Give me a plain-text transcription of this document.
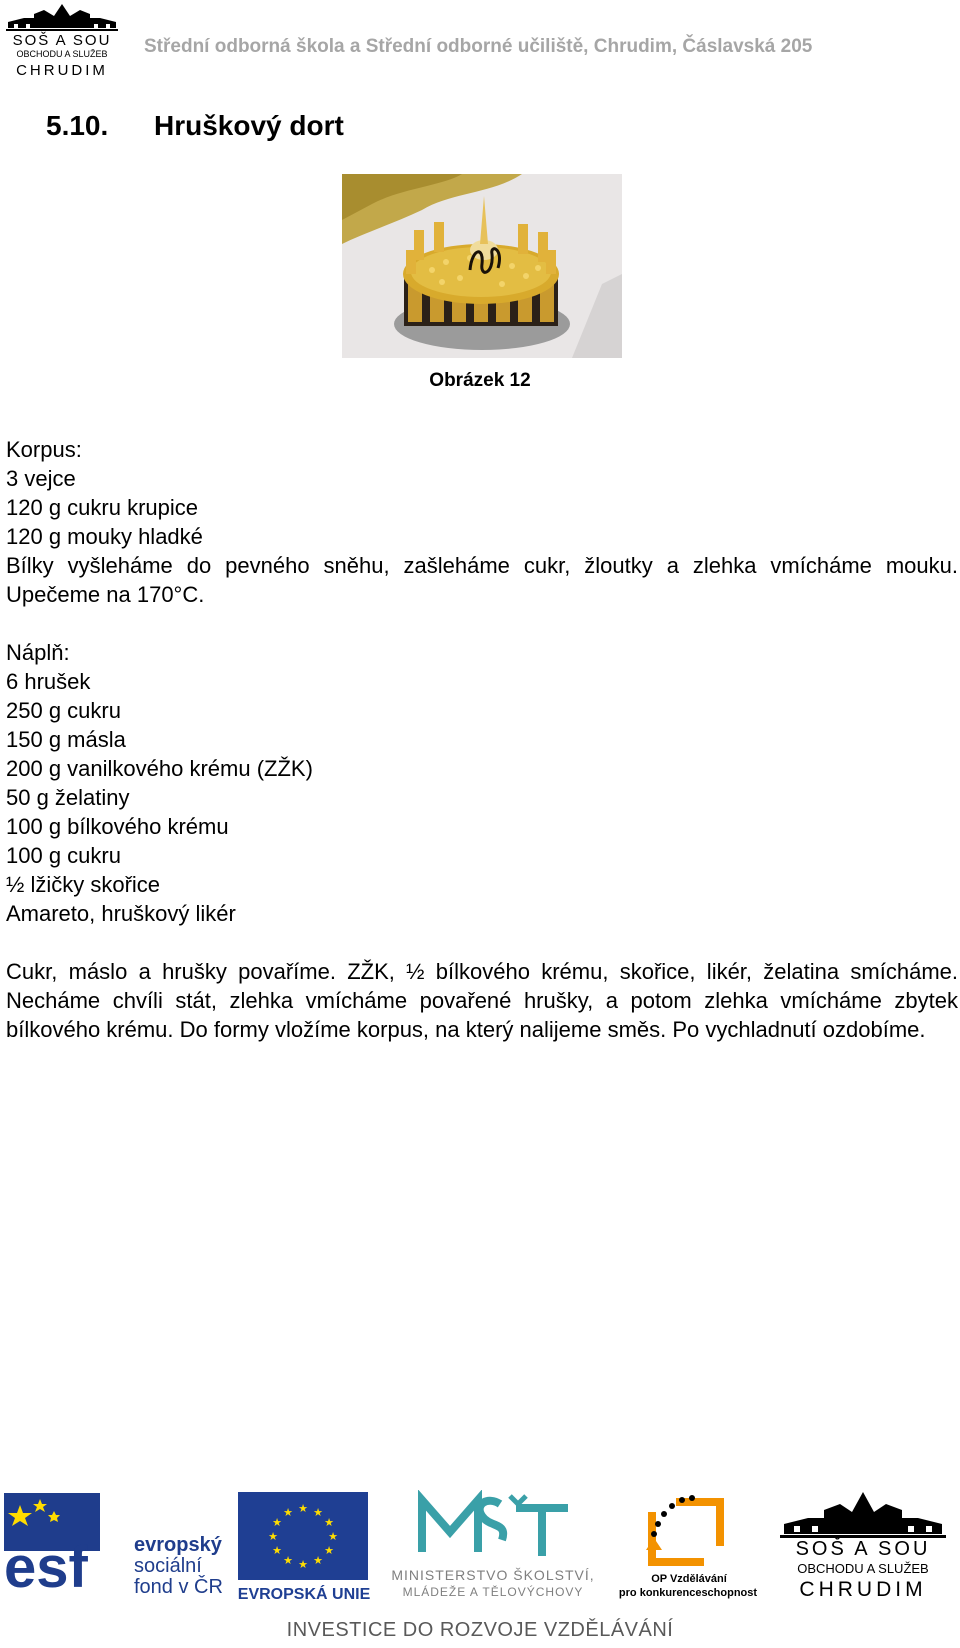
SOŠ A SOU
OBCHODU A SLUŽEB
CHRUDIM
Střední odborná škola a Střední odborné učiliště, Chrudim, Čáslavská 205
5.10. Hruškový dort
Obrázek 12

Korpus:

3 vejce

120 g cukru krupice

120 g mouky hladké

Bílky vyšleháme do pevného sněhu, zašleháme cukr, žloutky a zlehka vmícháme mouku. Upečeme na 170°C.

Náplň:

6 hrušek

250 g cukru

150 g másla

200 g vanilkového krému (ZŽK)

50 g želatiny

100 g bílkového krému

100 g cukru

½ lžičky skořice

Amareto, hruškový likér

Cukr, máslo a hrušky povaříme. ZŽK, ½ bílkového krému, skořice, likér, želatina smícháme. Necháme chvíli stát, zlehka vmícháme povařené hrušky, a potom zlehka vmícháme zbytek bílkového krému. Do formy vložíme korpus, na který nalijeme směs. Po vychladnutí ozdobíme.

esf evropský
sociální
fond v ČR
★ ★
★
★
★
★
★
★
★
★
★
★
EVROPSKÁ UNIE
MINISTERSTVO ŠKOLSTVÍ,
MLÁDEŽE A TĚLOVÝCHOVY
OP Vzdělávání
pro konkurenceschopnost
SOŠ A SOU
OBCHODU A SLUŽEB
CHRUDIM
INVESTICE DO ROZVOJE VZDĚLÁVÁNÍ
